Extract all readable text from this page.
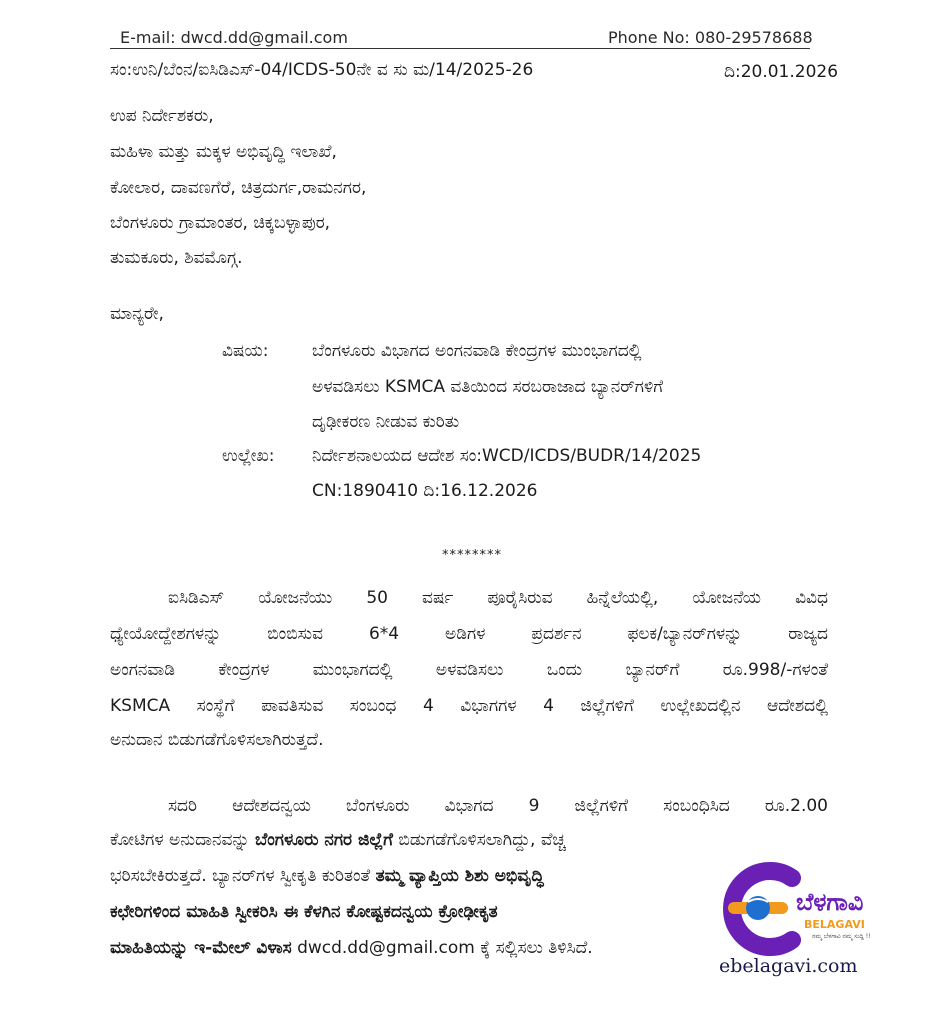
E-mail: dwcd.dd@gmail.com	Phone No: 080-29578688
ಸಂ:ಉನಿ/ಬೆಂನ/ಐಸಿಡಿಎಸ್-04/ICDS-50ನೇ ವ ಸು ಮ/14/2025-26	ದಿ:20.01.2026
ಉಪ ನಿರ್ದೇಶಕರು,
ಮಹಿಳಾ ಮತ್ತು ಮಕ್ಕಳ ಅಭಿವೃದ್ಧಿ ಇಲಾಖೆ,
ಕೋಲಾರ, ದಾವಣಗೆರೆ, ಚಿತ್ರದುರ್ಗ,ರಾಮನಗರ,
ಬೆಂಗಳೂರು ಗ್ರಾಮಾಂತರ, ಚಿಕ್ಕಬಳ್ಳಾಪುರ,
ತುಮಕೂರು, ಶಿವಮೊಗ್ಗ.
ಮಾನ್ಯರೇ,
ವಿಷಯ:	ಬೆಂಗಳೂರು ವಿಭಾಗದ ಅಂಗನವಾಡಿ ಕೇಂದ್ರಗಳ ಮುಂಭಾಗದಲ್ಲಿ
ಅಳವಡಿಸಲು KSMCA ವತಿಯಿಂದ ಸರಬರಾಜಾದ ಬ್ಯಾನರ್‌ಗಳಿಗೆ
ದೃಢೀಕರಣ ನೀಡುವ ಕುರಿತು
ಉಲ್ಲೇಖ: ನಿರ್ದೇಶನಾಲಯದ ಆದೇಶ ಸಂ:WCD/ICDS/BUDR/14/2025
CN:1890410 ದಿ:16.12.2026
********
ಐಸಿಡಿಎಸ್ ಯೋಜನೆಯು 50 ವರ್ಷ ಪೂರೈಸಿರುವ ಹಿನ್ನೆಲೆಯಲ್ಲಿ, ಯೋಜನೆಯ ವಿವಿಧ
ಧ್ಯೇಯೋದ್ದೇಶಗಳನ್ನು ಬಿಂಬಿಸುವ 6*4 ಅಡಿಗಳ ಪ್ರದರ್ಶನ ಫಲಕ/ಬ್ಯಾನರ್‌ಗಳನ್ನು ರಾಜ್ಯದ
ಅಂಗನವಾಡಿ ಕೇಂದ್ರಗಳ ಮುಂಭಾಗದಲ್ಲಿ ಅಳವಡಿಸಲು ಒಂದು ಬ್ಯಾನರ್‌ಗೆ ರೂ.998/-ಗಳಂತೆ
KSMCA ಸಂಸ್ಥೆಗೆ ಪಾವತಿಸುವ ಸಂಬಂಧ 4 ವಿಭಾಗಗಳ 4 ಜಿಲ್ಲೆಗಳಿಗೆ ಉಲ್ಲೇಖದಲ್ಲಿನ ಆದೇಶದಲ್ಲಿ
ಅನುದಾನ ಬಿಡುಗಡೆಗೊಳಿಸಲಾಗಿರುತ್ತದೆ.
ಸದರಿ ಆದೇಶದನ್ವಯ ಬೆಂಗಳೂರು ವಿಭಾಗದ 9 ಜಿಲ್ಲೆಗಳಿಗೆ ಸಂಬಂಧಿಸಿದ ರೂ.2.00
ಕೋಟಿಗಳ ಅನುದಾನವನ್ನು ಬೆಂಗಳೂರು ನಗರ ಜಿಲ್ಲೆಗೆ ಬಿಡುಗಡೆಗೊಳಿಸಲಾಗಿದ್ದು, ವೆಚ್ಚ
ಭರಿಸಬೇಕಿರುತ್ತದೆ. ಬ್ಯಾನರ್‌ಗಳ ಸ್ವೀಕೃತಿ ಕುರಿತಂತೆ ತಮ್ಮ ವ್ಯಾಪ್ತಿಯ ಶಿಶು ಅಭಿವೃದ್ಧಿ
ಕಛೇರಿಗಳಿಂದ ಮಾಹಿತಿ ಸ್ವೀಕರಿಸಿ ಈ ಕೆಳಗಿನ ಕೋಷ್ಟಕದನ್ವಯ ಕ್ರೋಢೀಕೃತ
ಮಾಹಿತಿಯನ್ನು ಇ-ಮೇಲ್ ವಿಳಾಸ dwcd.dd@gmail.com ಕ್ಕೆ ಸಲ್ಲಿಸಲು ತಿಳಿಸಿದೆ.
ಬೆಳಗಾವಿ
BELAGAVI
ನಮ್ಮ ಬೆಳಗಾವಿ ನಮ್ಮ ಸುದ್ದಿ !!
ebelagavi.com
